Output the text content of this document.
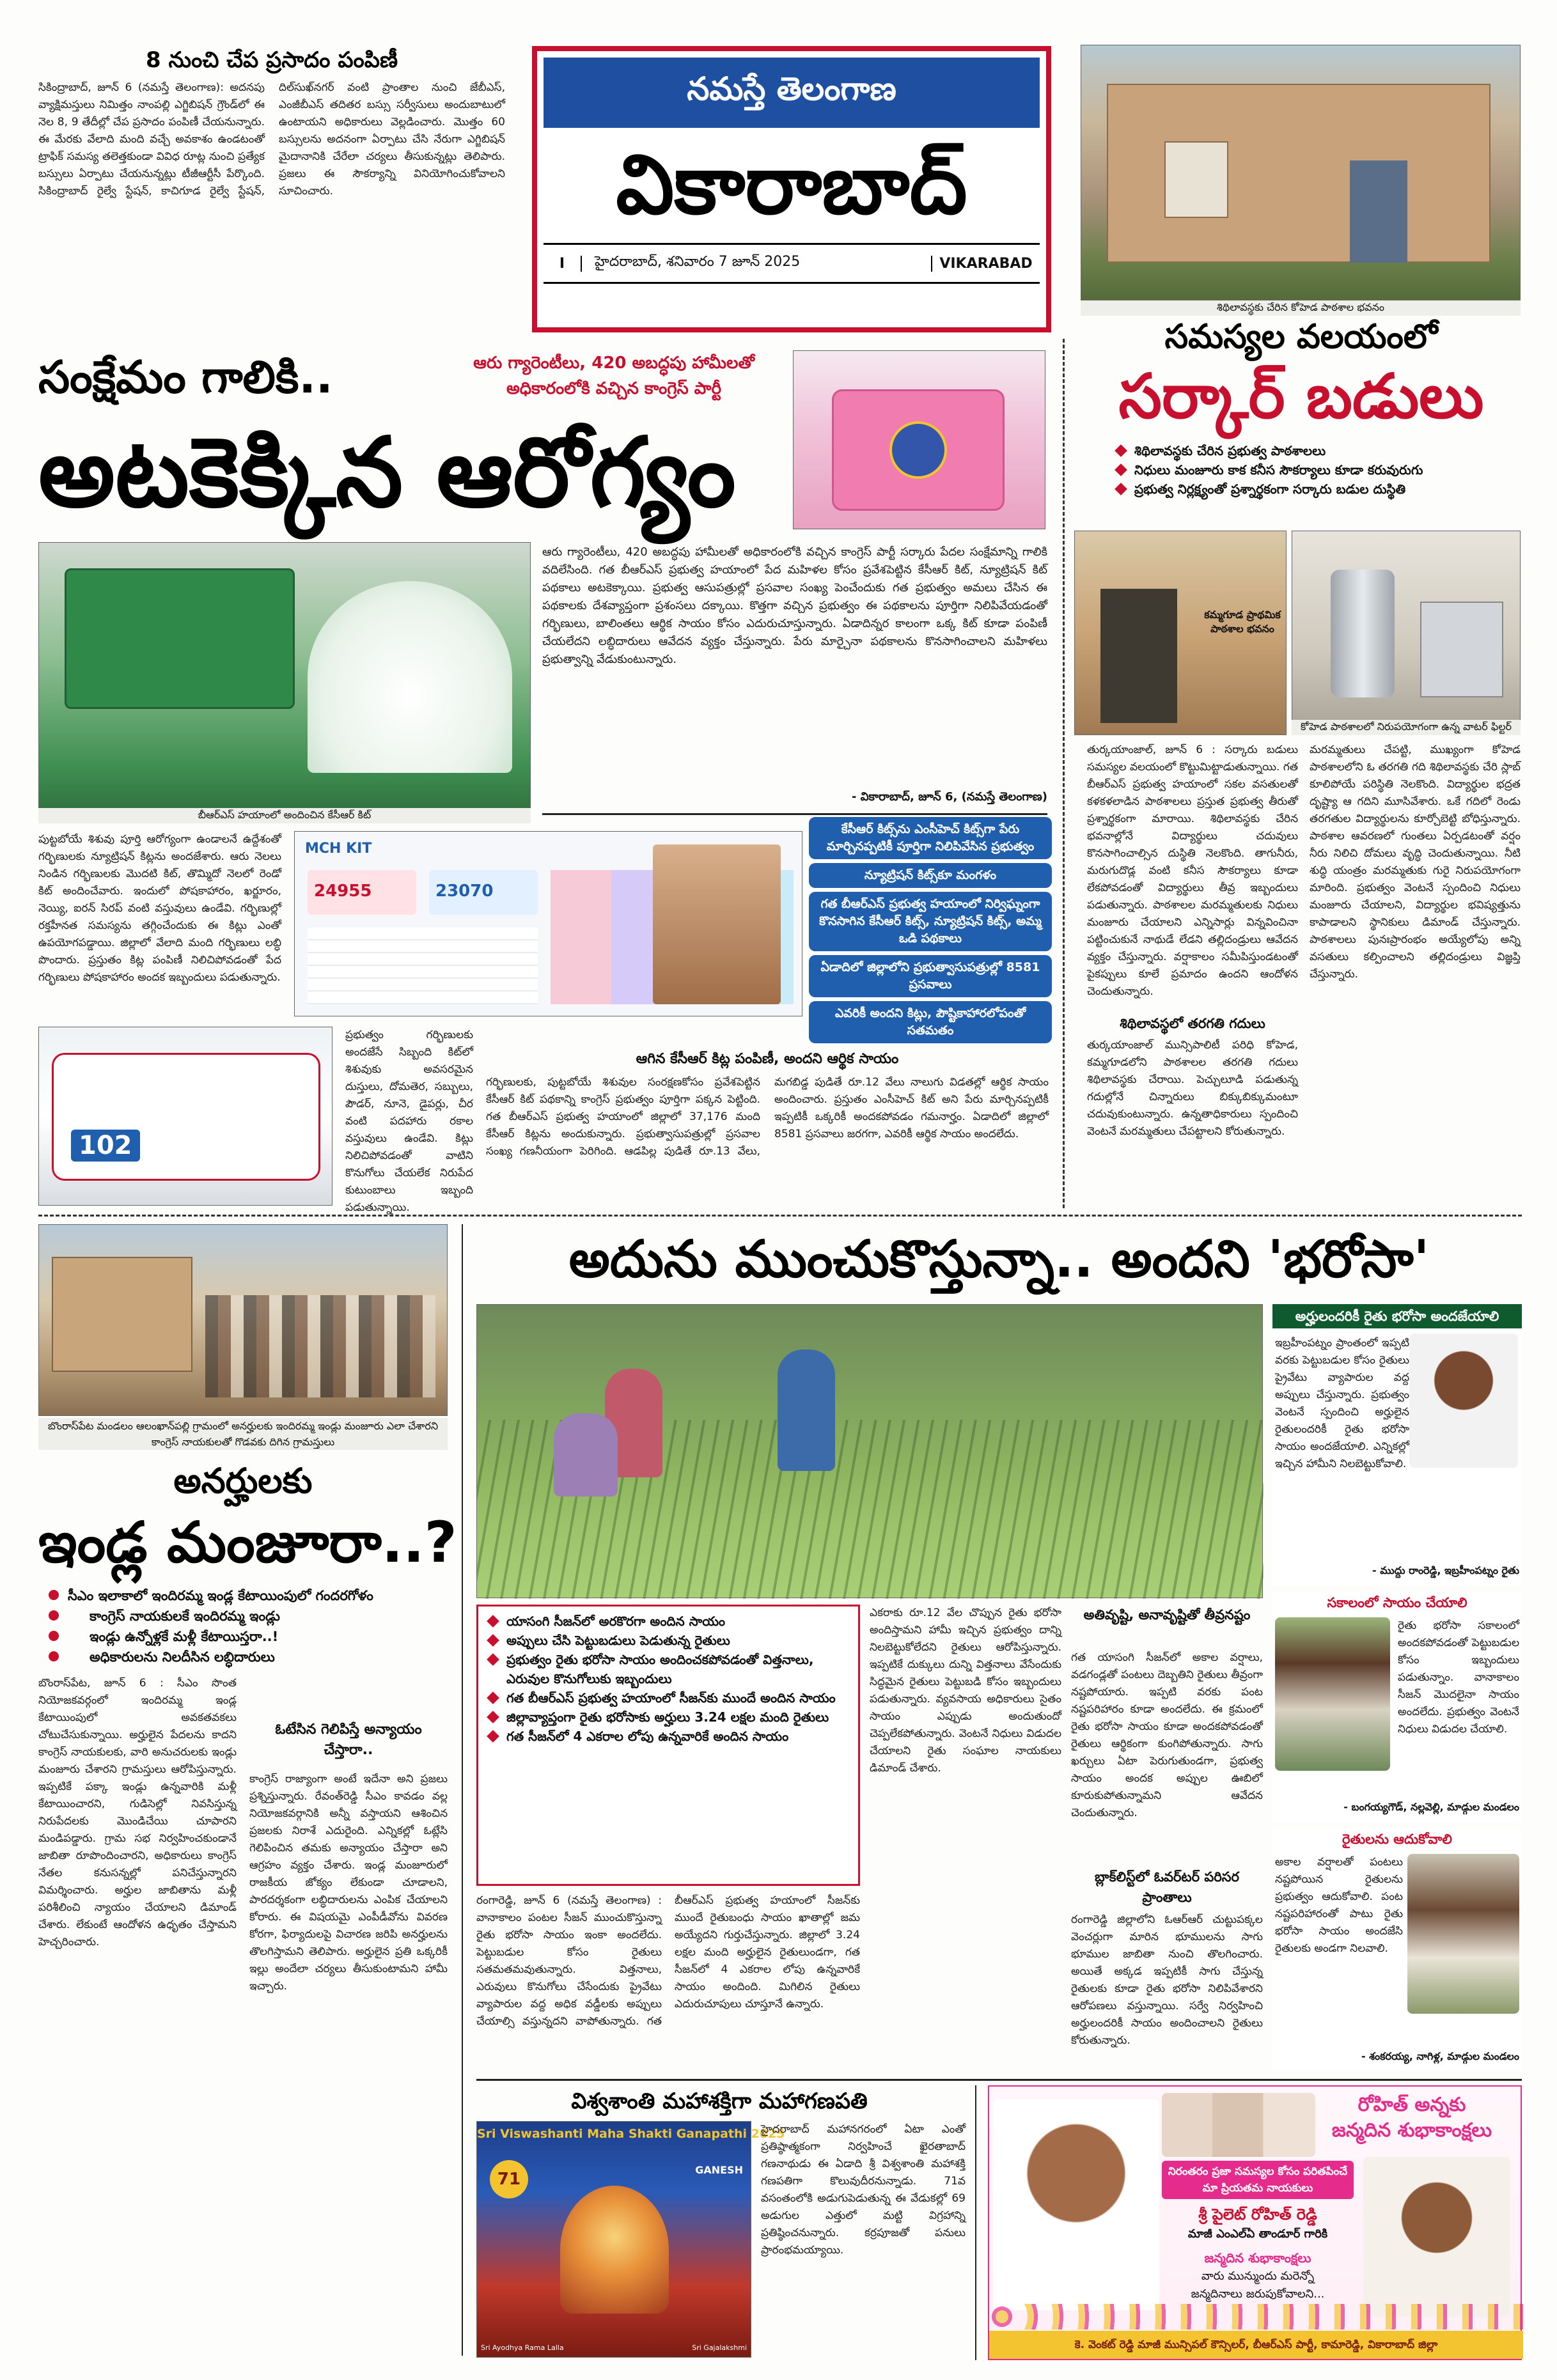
8 నుంచి చేప ప్రసాదం పంపిణీ
సికింద్రాబాద్, జూన్ 6 (నమస్తే తెలంగాణ): అదనపు వ్యాక్షిమస్తులు నిమిత్తం నాంపల్లి ఎగ్జిబిషన్ గ్రౌండ్‌లో ఈ నెల 8, 9 తేదీల్లో చేప ప్రసాదం పంపిణీ చేయనున్నారు. ఈ మేరకు వేలాది మంది వచ్చే అవకాశం ఉండటంతో ట్రాఫిక్ సమస్య తలెత్తకుండా వివిధ రూట్ల నుంచి ప్రత్యేక బస్సులు ఏర్పాటు చేయనున్నట్లు టీజీఆర్టీసీ పేర్కొంది. సికింద్రాబాద్ రైల్వే స్టేషన్, కాచిగూడ రైల్వే స్టేషన్, దిల్‌సుఖ్‌నగర్ వంటి ప్రాంతాల నుంచి జేబీఎస్, ఎంజీబీఎస్ తదితర బస్సు సర్వీసులు అందుబాటులో ఉంటాయని అధికారులు వెల్లడించారు. మొత్తం 60 బస్సులను అదనంగా ఏర్పాటు చేసి నేరుగా ఎగ్జిబిషన్ మైదానానికి చేరేలా చర్యలు తీసుకున్నట్లు తెలిపారు. ప్రజలు ఈ సౌకర్యాన్ని వినియోగించుకోవాలని సూచించారు.
నమస్తే తెలంగాణ
వికారాబాద్
I	హైదరాబాద్, శనివారం 7 జూన్ 2025	VIKARABAD
శిథిలావస్థకు చేరిన కోహెడ పాఠశాల భవనం
సమస్యల వలయంలో
సర్కార్ బడులు
శిథిలావస్థకు చేరిన ప్రభుత్వ పాఠశాలలు
నిధులు మంజూరు కాక కనీస సౌకర్యాలు కూడా కరువురుగు
ప్రభుత్వ నిర్లక్ష్యంతో ప్రశ్నార్థకంగా సర్కారు బడుల దుస్థితి
కమ్మగూడ ప్రాథమిక పాఠశాల భవనం
కోహెడ పాఠశాలలో నిరుపయోగంగా ఉన్న వాటర్ ఫిల్టర్
తుర్కయాంజాల్, జూన్ 6 : సర్కారు బడులు సమస్యల వలయంలో కొట్టుమిట్టాడుతున్నాయి. గత బీఆర్ఎస్ ప్రభుత్వ హయాంలో సకల వసతులతో కళకళలాడిన పాఠశాలలు ప్రస్తుత ప్రభుత్వ తీరుతో ప్రశ్నార్థకంగా మారాయి. శిథిలావస్థకు చేరిన భవనాల్లోనే విద్యార్థులు చదువులు కొనసాగించాల్సిన దుస్థితి నెలకొంది. తాగునీరు, మరుగుదొడ్ల వంటి కనీస సౌకర్యాలు కూడా లేకపోవడంతో విద్యార్థులు తీవ్ర ఇబ్బందులు పడుతున్నారు. పాఠశాలల మరమ్మతులకు నిధులు మంజూరు చేయాలని ఎన్నిసార్లు విన్నవించినా పట్టించుకునే నాథుడే లేడని తల్లిదండ్రులు ఆవేదన వ్యక్తం చేస్తున్నారు. వర్షాకాలం సమీపిస్తుండటంతో పైకప్పులు కూలే ప్రమాదం ఉందని ఆందోళన చెందుతున్నారు.
శిథిలావస్థలో తరగతి గదులు
తుర్కయాంజాల్ మున్సిపాలిటీ పరిధి కోహెడ, కమ్మగూడలోని పాఠశాలల తరగతి గదులు శిథిలావస్థకు చేరాయి. పెచ్చులూడి పడుతున్న గదుల్లోనే చిన్నారులు బిక్కుబిక్కుమంటూ చదువుకుంటున్నారు. ఉన్నతాధికారులు స్పందించి వెంటనే మరమ్మతులు చేపట్టాలని కోరుతున్నారు.
మరమ్మతులు చేపట్టి, ముఖ్యంగా కోహెడ పాఠశాలలోని ఓ తరగతి గది శిథిలావస్థకు చేరి స్లాబ్ కూలిపోయే పరిస్థితి నెలకొంది. విద్యార్థుల భద్రత దృష్ట్యా ఆ గదిని మూసివేశారు. ఒకే గదిలో రెండు తరగతుల విద్యార్థులను కూర్చోబెట్టి బోధిస్తున్నారు. పాఠశాల ఆవరణలో గుంతలు ఏర్పడటంతో వర్షం నీరు నిలిచి దోమలు వృద్ధి చెందుతున్నాయి. నీటి శుద్ధి యంత్రం మరమ్మతుకు గురై నిరుపయోగంగా మారింది. ప్రభుత్వం వెంటనే స్పందించి నిధులు మంజూరు చేయాలని, విద్యార్థుల భవిష్యత్తును కాపాడాలని స్థానికులు డిమాండ్ చేస్తున్నారు. పాఠశాలలు పునఃప్రారంభం అయ్యేలోపు అన్ని వసతులు కల్పించాలని తల్లిదండ్రులు విజ్ఞప్తి చేస్తున్నారు.
సంక్షేమం గాలికి..	ఆరు గ్యారెంటీలు, 420 అబద్ధపు హామీలతో
అధికారంలోకి వచ్చిన కాంగ్రెస్ పార్టీ
అటకెక్కిన ఆరోగ్యం
బీఆర్ఎస్ హయాంలో అందించిన కేసీఆర్ కిట్
ఆరు గ్యారెంటీలు, 420 అబద్ధపు హామీలతో అధికారంలోకి వచ్చిన కాంగ్రెస్ పార్టీ సర్కారు పేదల సంక్షేమాన్ని గాలికి వదిలేసింది. గత బీఆర్ఎస్ ప్రభుత్వ హయాంలో పేద మహిళల కోసం ప్రవేశపెట్టిన కేసీఆర్ కిట్, న్యూట్రిషన్ కిట్ పథకాలు అటకెక్కాయి. ప్రభుత్వ ఆసుపత్రుల్లో ప్రసవాల సంఖ్య పెంచేందుకు గత ప్రభుత్వం అమలు చేసిన ఈ పథకాలకు దేశవ్యాప్తంగా ప్రశంసలు దక్కాయి. కొత్తగా వచ్చిన ప్రభుత్వం ఈ పథకాలను పూర్తిగా నిలిపివేయడంతో గర్భిణులు, బాలింతలు ఆర్థిక సాయం కోసం ఎదురుచూస్తున్నారు. ఏడాదిన్నర కాలంగా ఒక్క కిట్ కూడా పంపిణీ చేయలేదని లబ్ధిదారులు ఆవేదన వ్యక్తం చేస్తున్నారు. పేరు మార్చైనా పథకాలను కొనసాగించాలని మహిళలు ప్రభుత్వాన్ని వేడుకుంటున్నారు.
- వికారాబాద్, జూన్ 6, (నమస్తే తెలంగాణ)
పుట్టబోయే శిశువు పూర్తి ఆరోగ్యంగా ఉండాలనే ఉద్దేశంతో గర్భిణులకు న్యూట్రిషన్ కిట్లను అందజేశారు. ఆరు నెలలు నిండిన గర్భిణులకు మొదటి కిట్, తొమ్మిదో నెలలో రెండో కిట్ అందించేవారు. ఇందులో పోషకాహారం, ఖర్జూరం, నెయ్యి, ఐరన్ సిరప్ వంటి వస్తువులు ఉండేవి. గర్భిణుల్లో రక్తహీనత సమస్యను తగ్గించేందుకు ఈ కిట్లు ఎంతో ఉపయోగపడ్డాయి. జిల్లాలో వేలాది మంది గర్భిణులు లబ్ధి పొందారు. ప్రస్తుతం కిట్ల పంపిణీ నిలిచిపోవడంతో పేద గర్భిణులు పోషకాహారం అందక ఇబ్బందులు పడుతున్నారు.
MCH KIT
24955	23070
102
ప్రభుత్వం గర్భిణులకు అందజేసే సిబ్బంది కిట్‌లో శిశువుకు అవసరమైన దుస్తులు, దోమతెర, సబ్బులు, పౌడర్, నూనె, డైపర్లు, చీర వంటి పదహారు రకాల వస్తువులు ఉండేవి. కిట్లు నిలిచిపోవడంతో వాటిని కొనుగోలు చేయలేక నిరుపేద కుటుంబాలు ఇబ్బంది పడుతున్నాయి.
కేసీఆర్ కిట్స్‌ను ఎంసీహెచ్ కిట్స్‌గా పేరు మార్చినప్పటికీ పూర్తిగా నిలిపివేసిన ప్రభుత్వం
న్యూట్రిషన్ కిట్స్‌కూ మంగళం
గత బీఆర్ఎస్ ప్రభుత్వ హయాంలో నిర్విఘ్నంగా కొనసాగిన కేసీఆర్ కిట్స్, న్యూట్రిషన్ కిట్స్, అమ్మ ఒడి పథకాలు
ఏడాదిలో జిల్లాలోని ప్రభుత్వాసుపత్రుల్లో 8581 ప్రసవాలు
ఎవరికీ అందని కిట్లు, పౌష్టికాహారలోపంతో సతమతం
ఆగిన కేసీఆర్ కిట్ల పంపిణీ, అందని ఆర్థిక సాయం
గర్భిణులకు, పుట్టబోయే శిశువుల సంరక్షణకోసం ప్రవేశపెట్టిన కేసీఆర్ కిట్ పథకాన్ని కాంగ్రెస్ ప్రభుత్వం పూర్తిగా పక్కన పెట్టింది. గత బీఆర్ఎస్ ప్రభుత్వ హయాంలో జిల్లాలో 37,176 మంది కేసీఆర్ కిట్లను అందుకున్నారు. ప్రభుత్వాసుపత్రుల్లో ప్రసవాల సంఖ్య గణనీయంగా పెరిగింది. ఆడపిల్ల పుడితే రూ.13 వేలు, మగబిడ్డ పుడితే రూ.12 వేలు నాలుగు విడతల్లో ఆర్థిక సాయం అందించారు. ప్రస్తుతం ఎంసీహెచ్ కిట్ అని పేరు మార్చినప్పటికీ ఇప్పటికీ ఒక్కరికీ అందకపోవడం గమనార్హం. ఏడాదిలో జిల్లాలో 8581 ప్రసవాలు జరగగా, ఎవరికీ ఆర్థిక సాయం అందలేదు.
బొంరాస్‌పేట మండలం ఆలంఖాన్‌పల్లి గ్రామంలో అనర్హులకు ఇందిరమ్మ ఇండ్లు మంజూరు ఎలా చేశారని కాంగ్రెస్ నాయకులతో గొడవకు దిగిన గ్రామస్తులు
అనర్హులకు
ఇండ్ల మంజూరా..?
సీఎం ఇలాకాలో ఇందిరమ్మ ఇండ్ల కేటాయింపులో గందరగోళం
కాంగ్రెస్ నాయకులకే ఇందిరమ్మ ఇండ్లు
ఇండ్లు ఉన్నోళ్లకే మళ్లీ కేటాయిస్తరా..!
అధికారులను నిలదీసిన లబ్ధిదారులు
బొంరాస్‌పేట, జూన్ 6 : సీఎం సొంత నియోజకవర్గంలో ఇందిరమ్మ ఇండ్ల కేటాయింపులో అవకతవకలు చోటుచేసుకున్నాయి. అర్హులైన పేదలను కాదని కాంగ్రెస్ నాయకులకు, వారి అనుచరులకు ఇండ్లు మంజూరు చేశారని గ్రామస్తులు ఆరోపిస్తున్నారు. ఇప్పటికే పక్కా ఇండ్లు ఉన్నవారికి మళ్లీ కేటాయించారని, గుడిసెల్లో నివసిస్తున్న నిరుపేదలకు మొండిచేయి చూపారని మండిపడ్డారు. గ్రామ సభ నిర్వహించకుండానే జాబితా రూపొందించారని, అధికారులు కాంగ్రెస్ నేతల కనుసన్నల్లో పనిచేస్తున్నారని విమర్శించారు. అర్హుల జాబితాను మళ్లీ పరిశీలించి న్యాయం చేయాలని డిమాండ్ చేశారు. లేకుంటే ఆందోళన ఉధృతం చేస్తామని హెచ్చరించారు.
ఓటేసిన గెలిపిస్తే అన్యాయం చేస్తారా..
కాంగ్రెస్ రాజ్యాంగా అంటే ఇదేనా అని ప్రజలు ప్రశ్నిస్తున్నారు. రేవంత్‌రెడ్డి సీఎం కావడం వల్ల నియోజకవర్గానికి అన్నీ వస్తాయని ఆశించిన ప్రజలకు నిరాశే ఎదురైంది. ఎన్నికల్లో ఓట్లేసి గెలిపించిన తమకు అన్యాయం చేస్తారా అని ఆగ్రహం వ్యక్తం చేశారు. ఇండ్ల మంజూరులో రాజకీయ జోక్యం లేకుండా చూడాలని, పారదర్శకంగా లబ్ధిదారులను ఎంపిక చేయాలని కోరారు. ఈ విషయమై ఎంపీడీవోను వివరణ కోరగా, ఫిర్యాదులపై విచారణ జరిపి అనర్హులను తొలగిస్తామని తెలిపారు. అర్హులైన ప్రతి ఒక్కరికీ ఇల్లు అందేలా చర్యలు తీసుకుంటామని హామీ ఇచ్చారు.
అదును ముంచుకొస్తున్నా.. అందని 'భరోసా'
యాసంగి సీజన్‌లో అరకొరగా అందిన సాయం
అప్పులు చేసి పెట్టుబడులు పెడుతున్న రైతులు
ప్రభుత్వం రైతు భరోసా సాయం అందించకపోవడంతో విత్తనాలు, ఎరువుల కొనుగోలుకు ఇబ్బందులు
గత బీఆర్ఎస్ ప్రభుత్వ హయాంలో సీజన్‌కు ముందే అందిన సాయం
జిల్లావ్యాప్తంగా రైతు భరోసాకు అర్హులు 3.24 లక్షల మంది రైతులు
గత సీజన్‌లో 4 ఎకరాల లోపు ఉన్నవారికే అందిన సాయం
రంగారెడ్డి, జూన్ 6 (నమస్తే తెలంగాణ) : వానాకాలం పంటల సీజన్ ముంచుకొస్తున్నా రైతు భరోసా సాయం ఇంకా అందలేదు. పెట్టుబడుల కోసం రైతులు సతమతమవుతున్నారు. విత్తనాలు, ఎరువులు కొనుగోలు చేసేందుకు ప్రైవేటు వ్యాపారుల వద్ద అధిక వడ్డీలకు అప్పులు చేయాల్సి వస్తున్నదని వాపోతున్నారు. గత బీఆర్ఎస్ ప్రభుత్వ హయాంలో సీజన్‌కు ముందే రైతుబంధు సాయం ఖాతాల్లో జమ అయ్యేదని గుర్తుచేస్తున్నారు. జిల్లాలో 3.24 లక్షల మంది అర్హులైన రైతులుండగా, గత సీజన్‌లో 4 ఎకరాల లోపు ఉన్నవారికే సాయం అందింది. మిగిలిన రైతులు ఎదురుచూపులు చూస్తూనే ఉన్నారు.
ఎకరాకు రూ.12 వేల చొప్పున రైతు భరోసా అందిస్తామని హామీ ఇచ్చిన ప్రభుత్వం దాన్ని నిలబెట్టుకోలేదని రైతులు ఆరోపిస్తున్నారు. ఇప్పటికే దుక్కులు దున్ని విత్తనాలు వేసేందుకు సిద్ధమైన రైతులు పెట్టుబడి కోసం ఇబ్బందులు పడుతున్నారు. వ్యవసాయ అధికారులు సైతం సాయం ఎప్పుడు అందుతుందో చెప్పలేకపోతున్నారు. వెంటనే నిధులు విడుదల చేయాలని రైతు సంఘాల నాయకులు డిమాండ్ చేశారు.
అతివృష్టి, అనావృష్టితో తీవ్రనష్టం
గత యాసంగి సీజన్‌లో అకాల వర్షాలు, వడగండ్లతో పంటలు దెబ్బతిని రైతులు తీవ్రంగా నష్టపోయారు. ఇప్పటి వరకు పంట నష్టపరిహారం కూడా అందలేదు. ఈ క్రమంలో రైతు భరోసా సాయం కూడా అందకపోవడంతో రైతులు ఆర్థికంగా కుంగిపోతున్నారు. సాగు ఖర్చులు ఏటా పెరుగుతుండగా, ప్రభుత్వ సాయం అందక అప్పుల ఊబిలో కూరుకుపోతున్నామని ఆవేదన చెందుతున్నారు.
బ్లాక్‌లిస్ట్‌లో ఓవర్‌టర్ పరిసర ప్రాంతాలు
రంగారెడ్డి జిల్లాలోని ఓఆర్ఆర్ చుట్టుపక్కల వెంచర్లుగా మారిన భూములను సాగు భూముల జాబితా నుంచి తొలగించారు. అయితే అక్కడ ఇప్పటికీ సాగు చేస్తున్న రైతులకు కూడా రైతు భరోసా నిలిపివేశారని ఆరోపణలు వస్తున్నాయి. సర్వే నిర్వహించి అర్హులందరికీ సాయం అందించాలని రైతులు కోరుతున్నారు.
అర్హులందరికీ రైతు భరోసా అందజేయాలి
ఇబ్రహీంపట్నం ప్రాంతంలో ఇప్పటి వరకు పెట్టుబడుల కోసం రైతులు ప్రైవేటు వ్యాపారుల వద్ద అప్పులు చేస్తున్నారు. ప్రభుత్వం వెంటనే స్పందించి అర్హులైన రైతులందరికీ రైతు భరోసా సాయం అందజేయాలి. ఎన్నికల్లో ఇచ్చిన హామీని నిలబెట్టుకోవాలి.
- ముద్దు రాంరెడ్డి, ఇబ్రహీంపట్నం రైతు
సకాలంలో సాయం చేయాలి
రైతు భరోసా సకాలంలో అందకపోవడంతో పెట్టుబడుల కోసం ఇబ్బందులు పడుతున్నాం. వానాకాలం సీజన్ మొదలైనా సాయం అందలేదు. ప్రభుత్వం వెంటనే నిధులు విడుదల చేయాలి.
- బంగయ్యగౌడ్, నల్లవెల్లి, మాడ్గుల మండలం
రైతులను ఆదుకోవాలి
అకాల వర్షాలతో పంటలు నష్టపోయిన రైతులను ప్రభుత్వం ఆదుకోవాలి. పంట నష్టపరిహారంతో పాటు రైతు భరోసా సాయం అందజేసి రైతులకు అండగా నిలవాలి.
- శంకరయ్య, నాగిళ్ల, మాడ్గుల మండలం
విశ్వశాంతి మహాశక్తిగా మహాగణపతి
Sri Viswashanti Maha Shakti Ganapathi 2025
71	GANESH
Sri Ayodhya Rama Lalla	Sri Gajalakshmi
హైదరాబాద్ మహానగరంలో ఏటా ఎంతో ప్రతిష్ఠాత్మకంగా నిర్వహించే ఖైరతాబాద్ గణనాథుడు ఈ ఏడాది శ్రీ విశ్వశాంతి మహాశక్తి గణపతిగా కొలువుదీరనున్నాడు. 71వ వసంతంలోకి అడుగుపెడుతున్న ఈ వేడుకల్లో 69 అడుగుల ఎత్తులో మట్టి విగ్రహాన్ని ప్రతిష్ఠించనున్నారు. కర్రపూజతో పనులు ప్రారంభమయ్యాయి.
రోహిత్ అన్నకు
జన్మదిన శుభాకాంక్షలు
నిరంతరం ప్రజా సమస్యల కోసం పరితపించే మా ప్రియతమ నాయకులు
శ్రీ పైలెట్ రోహిత్ రెడ్డి
మాజీ ఎంఎల్ఏ తాండూర్ గారికి
జన్మదిన శుభాకాంక్షలు
వారు మున్ముందు మరెన్నో
జన్మదినాలు జరుపుకోవాలని...
కె. వెంకట్ రెడ్డి మాజీ మున్సిపల్ కౌన్సిలర్, బీఆర్ఎస్ పార్టీ, కామారెడ్డి, వికారాబాద్ జిల్లా
